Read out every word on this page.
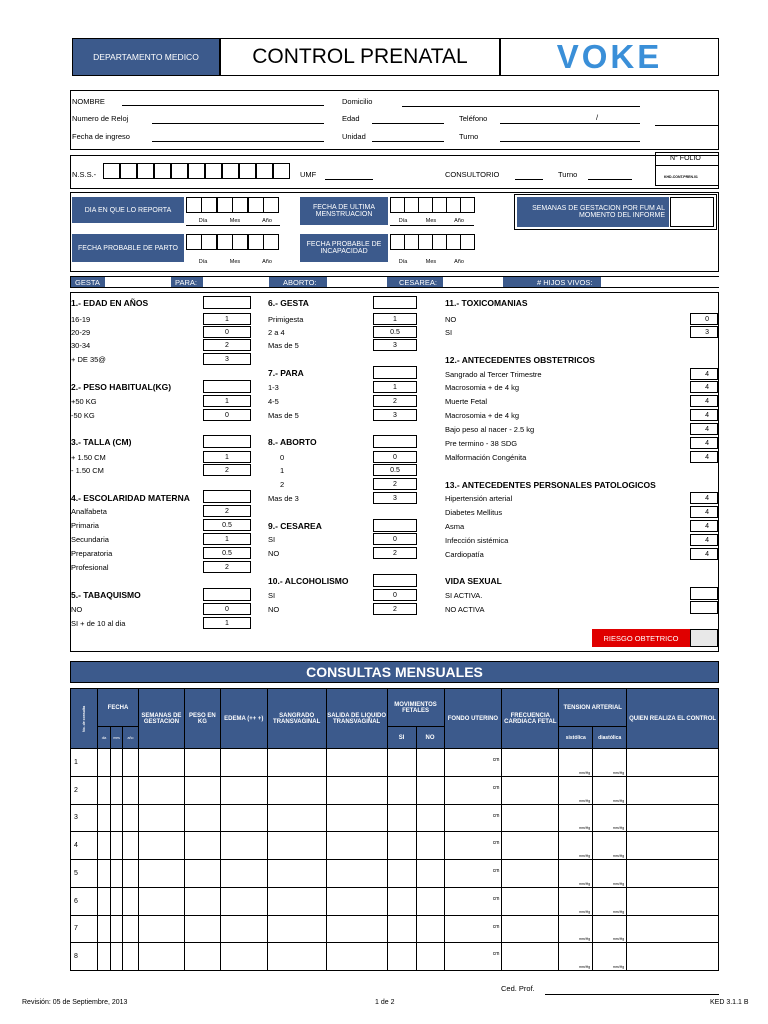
DEPARTAMENTO MEDICO	CONTROL PRENATAL	VOKE
NOMBRE	Domicilio
Numero de Reloj	Edad	Teléfono	/
Fecha de ingreso	Unidad	Turno
N.S.S.-	UMF	CONSULTORIO	Turno
N° FOLIO
KHD-CONT.PREN.01
DIA EN QUE LO REPORTA
Día	Mes	Año
FECHA DE ULTIMA MENSTRUACION
Día	Mes	Año
SEMANAS DE GESTACION POR FUM AL MOMENTO DEL INFORME
FECHA PROBABLE DE PARTO
Día	Mes	Año
FECHA PROBABLE DE INCAPACIDAD
Día	Mes	Año
GESTA	PARA:	ABORTO:	CESAREA:	# HIJOS VIVOS:
1.- EDAD EN AÑOS
16-19	1
20-29	0
30-34	2
+ DE 35@	3
2.- PESO HABITUAL(KG)
+50 KG	1
-50 KG	0
3.- TALLA (CM)
+ 1.50 CM	1
- 1.50 CM	2
4.- ESCOLARIDAD MATERNA
Analfabeta	2
Primaria	0.5
Secundaria	1
Preparatoria	0.5
Profesional	2
5.- TABAQUISMO
NO	0
SI + de 10 al dia	1
6.- GESTA
Primigesta	1
2 a 4	0.5
Mas de 5	3
7.- PARA
1-3	1
4-5	2
Mas de 5	3
8.- ABORTO
0	0
1	0.5
2	2
Mas de 3	3
9.- CESAREA
SI	0
NO	2
10.- ALCOHOLISMO
SI	0
NO	2
11.- TOXICOMANIAS
NO	0
SI	3
12.- ANTECEDENTES OBSTETRICOS
Sangrado al Tercer Trimestre	4
Macrosomia + de 4 kg	4
Muerte Fetal	4
Macrosomia + de 4 kg	4
Bajo peso al nacer - 2.5 kg	4
Pre termino - 38 SDG	4
Malformación Congénita	4
13.- ANTECEDENTES PERSONALES PATOLOGICOS
Hipertensión arterial	4
Diabetes Mellitus	4
Asma	4
Infección sistémica	4
Cardiopatía	4
VIDA SEXUAL
SI ACTIVA.
NO ACTIVA
RIESGO OBTETRICO
CONSULTAS MENSUALES
No. de consulta	FECHA			SEMANAS DE GESTACION	PESO EN KG	EDEMA (++ +)	SANGRADO TRANSVAGINAL	SALIDA DE LIQUIDO TRANSVAGINAL	MOVIMIENTOS FETALES		FONDO UTERINO	FRECUENCIA CARDIACA FETAL	TENSION ARTERIAL		QUIEN REALIZA EL CONTROL
	dia	mes	año						SI	NO			sistólica	diastólica	
1											cm		mm/Hg	mm/Hg	

2											cm		mm/Hg	mm/Hg	

3											cm		mm/Hg	mm/Hg	

4											cm		mm/Hg	mm/Hg	

5											cm		mm/Hg	mm/Hg	

6											cm		mm/Hg	mm/Hg	

7											cm		mm/Hg	mm/Hg	

8											cm		mm/Hg	mm/Hg	

Ced. Prof.
Revisión: 05 de Septiembre, 2013	1 de 2	KED 3.1.1 B
